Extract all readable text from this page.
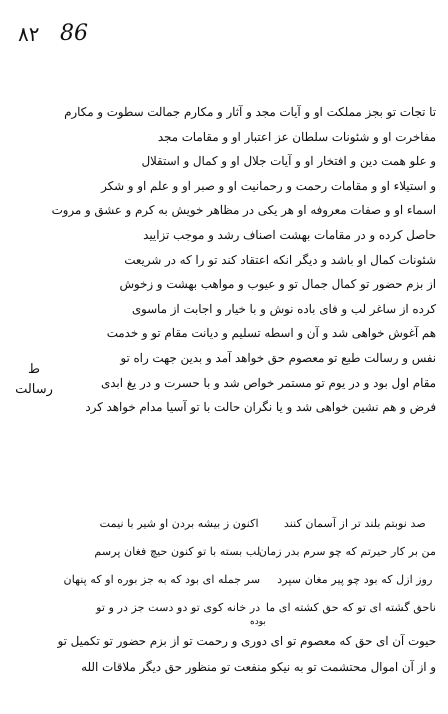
٨٢ 86
ط
رسالت
تا تجات تو بجز مملکت او و آیات مجد و آثار و مکارم جمالت سطوت و مکارم
مفاخرت او و شئونات سلطان عز اعتبار او و مقامات مجد
و علو همت دین و افتخار او و آیات جلال او و کمال و استقلال
و استیلاء او و مقامات رحمت و رحمانیت او و صبر او و علم او و شکر
اسماء او و صفات معروفه او هر یکی در مظاهر خویش به کرم و عشق و مروت
حاصل کرده و در مقامات بهشت اصناف رشد و موجب تزایید
شئونات کمال او باشد و دیگر انکه اعتقاد کند تو را که در شریعت
از بزم حضور تو کمال جمال تو و عیوب و مواهب بهشت و زخوش
کرده از ساغر لب و فای باده نوش و با خیار و اجابت از ماسوی
هم آغوش خواهی شد و آن و اسطه تسلیم و دیانت مقام تو و خدمت
نفس و رسالت طبع تو معصوم حق خواهد آمد و بدین جهت راه تو
مقام اول بود و در یوم تو مستمر خواص شد و با حسرت و در یغ ابدی
فرض و هم نشین خواهی شد و یا نگران حالت با تو آسیا مدام خواهد کرد
صد نوبتم بلند تر از آسمان کنند
اکنون ز بیشه بردن او شیر با نیمت
من بر کار حیرتم که چو سرم بدر زمان
لب بسته با تو کنون حیچ فغان پرسم
روز ازل که بود چو پیر مغان سپرد
سر جمله ای بود که به جز بوره او که پنهان
ناحق گشته ای تو که حق کشته ای ما
در خانه کوی تو دو دست جز در و تو
بوده
حیوت آن ای حق که معصوم تو ای دوری و رحمت تو از بزم حضور تو تکمیل تو
و از آن اموال محتشمت تو به نیکو منفعت تو منظور حق دیگر ملاقات الله
